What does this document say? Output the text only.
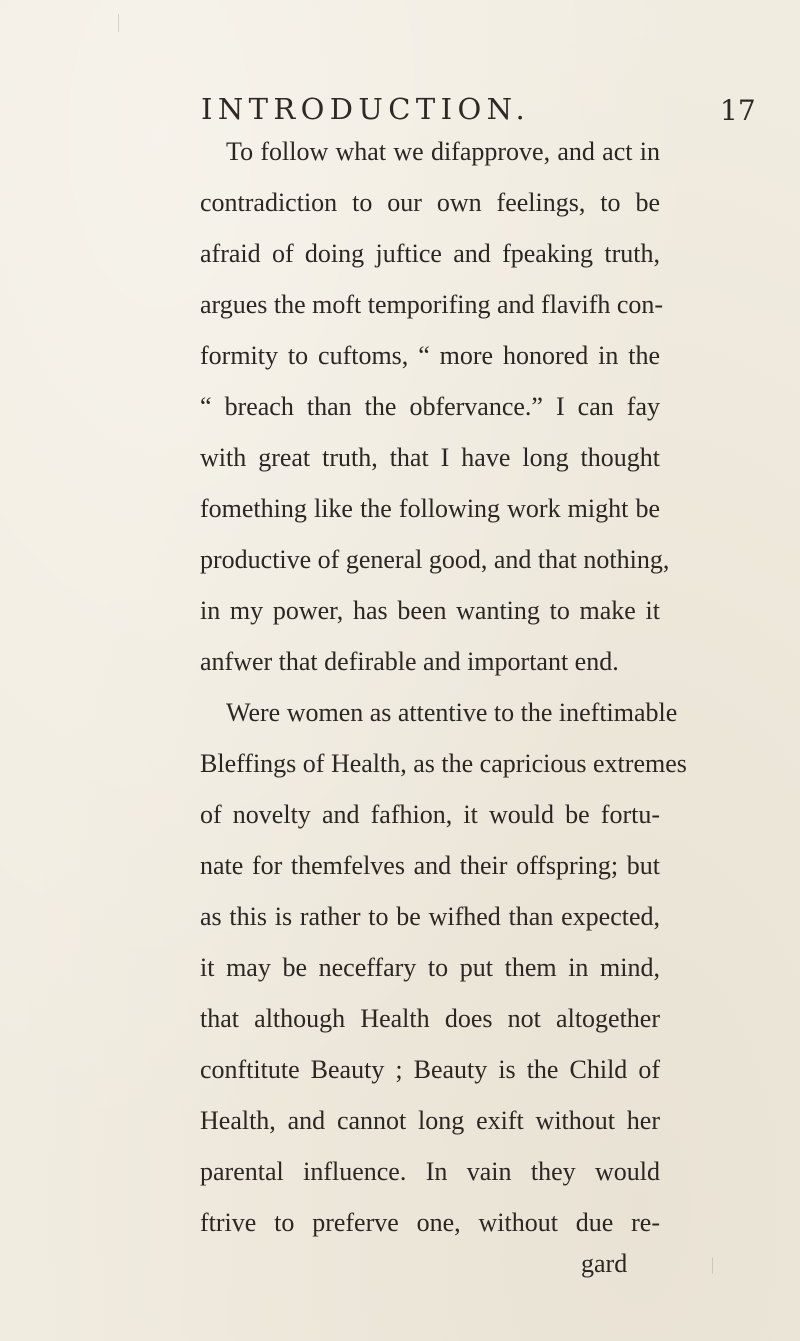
INTRODUCTION.	17
To follow what we difapprove, and act in
contradiction to our own feelings, to be
afraid of doing juftice and fpeaking truth,
argues the moft temporifing and flavifh con-
formity to cuftoms, “ more honored in the
“ breach than the obfervance.” I can fay
with great truth, that I have long thought
fomething like the following work might be
productive of general good, and that nothing,
in my power, has been wanting to make it
anfwer that defirable and important end.
Were women as attentive to the ineftimable
Bleffings of Health, as the capricious extremes
of novelty and fafhion, it would be fortu-
nate for themfelves and their offspring; but
as this is rather to be wifhed than expected,
it may be neceffary to put them in mind,
that although Health does not altogether
conftitute Beauty ; Beauty is the Child of
Health, and cannot long exift without her
parental influence. In vain they would
ftrive to preferve one, without due re-
gard
